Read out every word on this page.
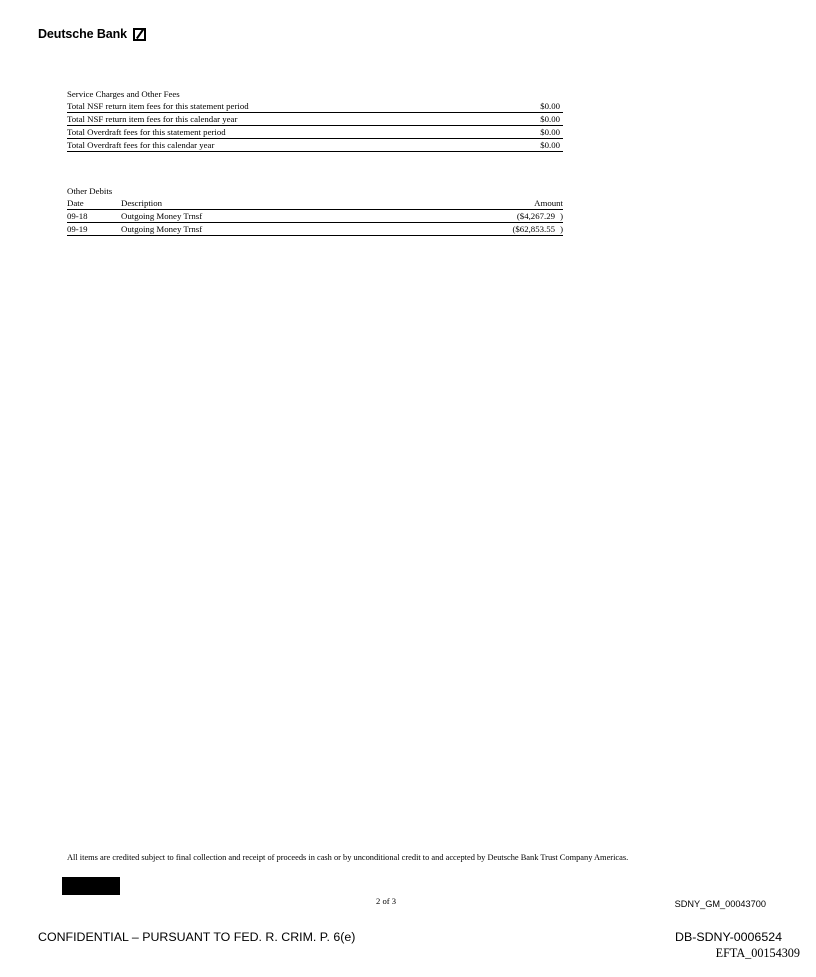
Deutsche Bank
Service Charges and Other Fees
Total NSF return item fees for this statement period	$0.00
Total NSF return item fees for this calendar year	$0.00
Total Overdraft fees for this statement period	$0.00
Total Overdraft fees for this calendar year	$0.00
Other Debits
Date	Description	Amount
09-18	Outgoing Money Trnsf	($4,267.29 )
09-19	Outgoing Money Trnsf	($62,853.55 )
All items are credited subject to final collection and receipt of proceeds in cash or by unconditional credit to and accepted by Deutsche Bank Trust Company Americas.
2 of 3	SDNY_GM_00043700
CONFIDENTIAL – PURSUANT TO FED. R. CRIM. P. 6(e)	DB-SDNY-0006524
EFTA_00154309
